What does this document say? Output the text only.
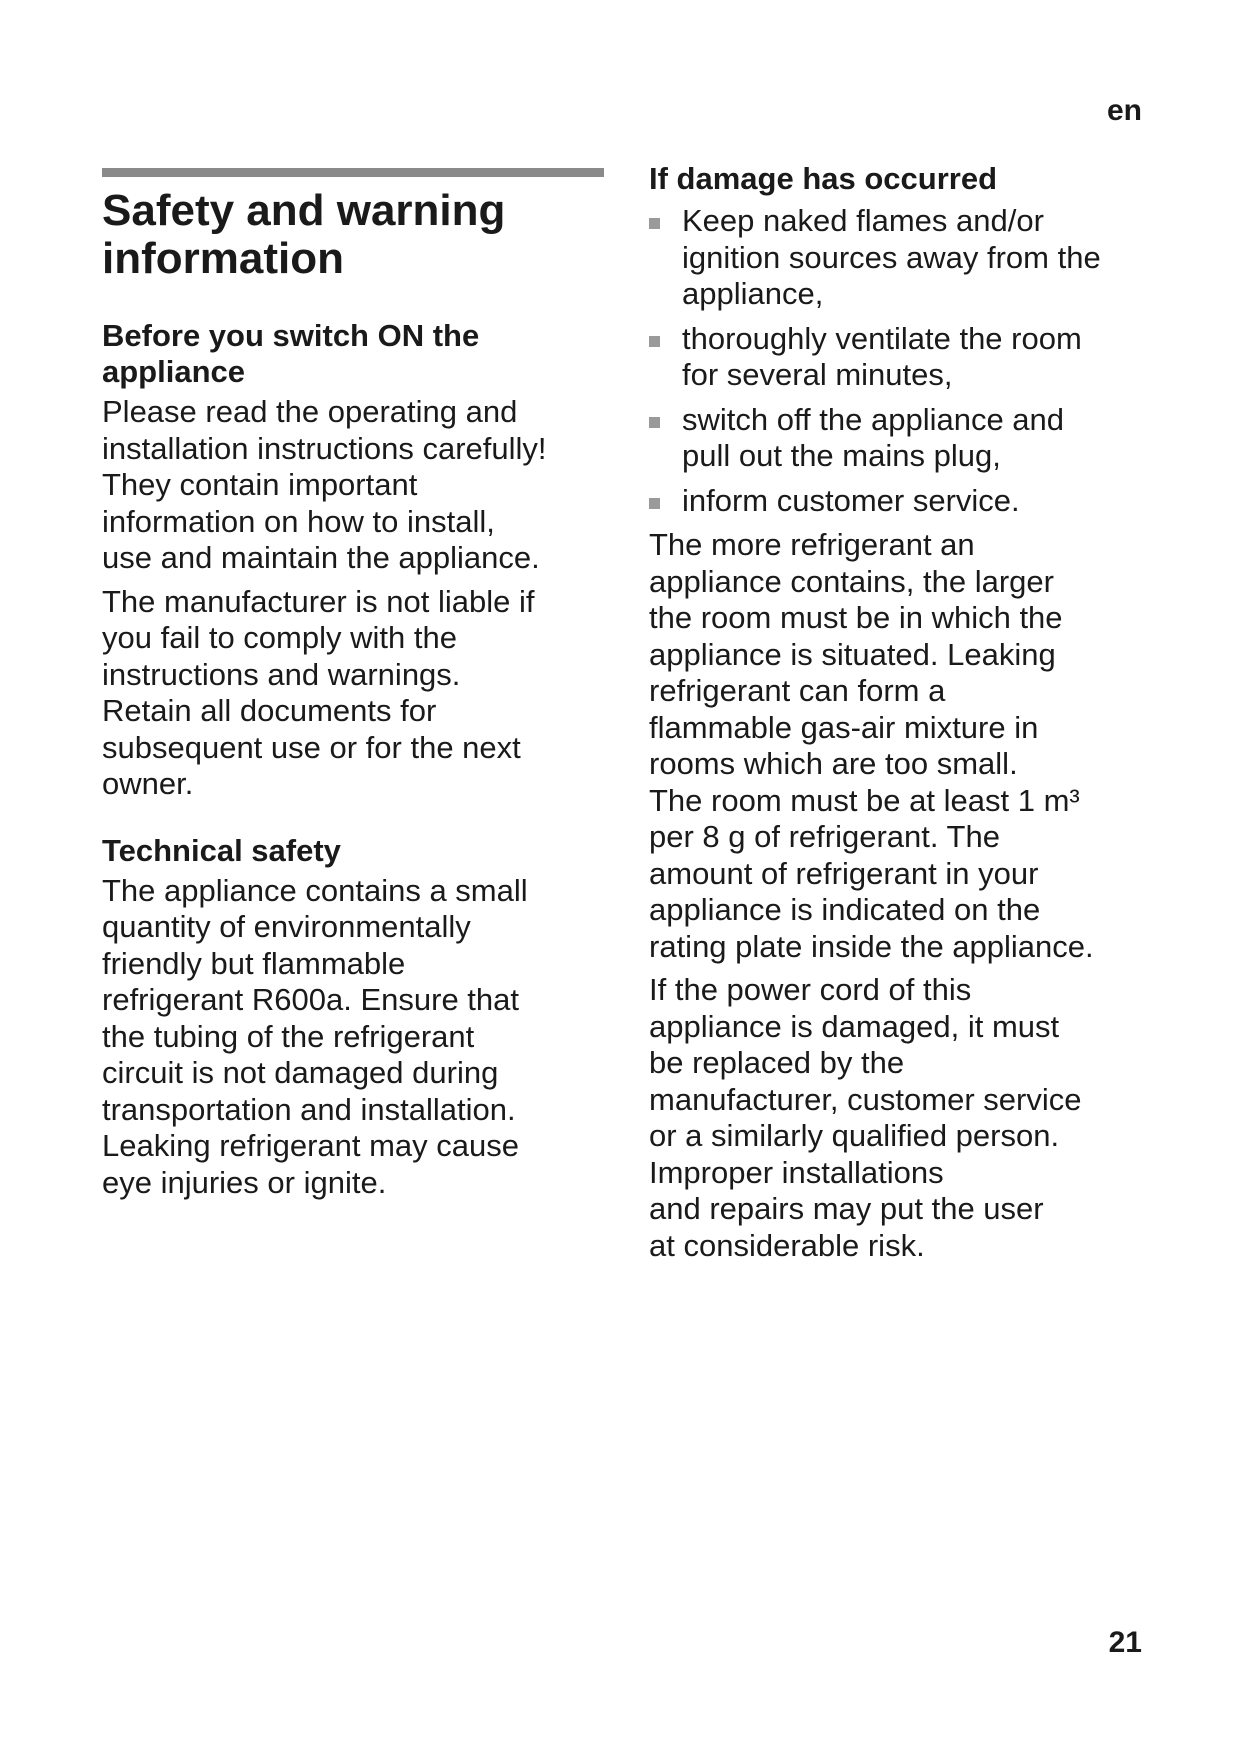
en

Safety and warning
information
Before you switch ON the
appliance

Please read the operating and
installation instructions carefully!
They contain important
information on how to install,
use and maintain the appliance.

The manufacturer is not liable if
you fail to comply with the
instructions and warnings.
Retain all documents for
subsequent use or for the next
owner.

Technical safety

The appliance contains a small
quantity of environmentally
friendly but flammable
refrigerant R600a. Ensure that
the tubing of the refrigerant
circuit is not damaged during
transportation and installation.
Leaking refrigerant may cause
eye injuries or ignite.

If damage has occurred
Keep naked flames and/or
ignition sources away from the
appliance,
thoroughly ventilate the room
for several minutes,
switch off the appliance and
pull out the mains plug,
inform customer service.

The more refrigerant an
appliance contains, the larger
the room must be in which the
appliance is situated. Leaking
refrigerant can form a
flammable gas-air mixture in
rooms which are too small.
The room must be at least 1 m³
per 8 g of refrigerant. The
amount of refrigerant in your
appliance is indicated on the
rating plate inside the appliance.

If the power cord of this
appliance is damaged, it must
be replaced by the
manufacturer, customer service
or a similarly qualified person.
Improper installations
and repairs may put the user
at considerable risk.

21
